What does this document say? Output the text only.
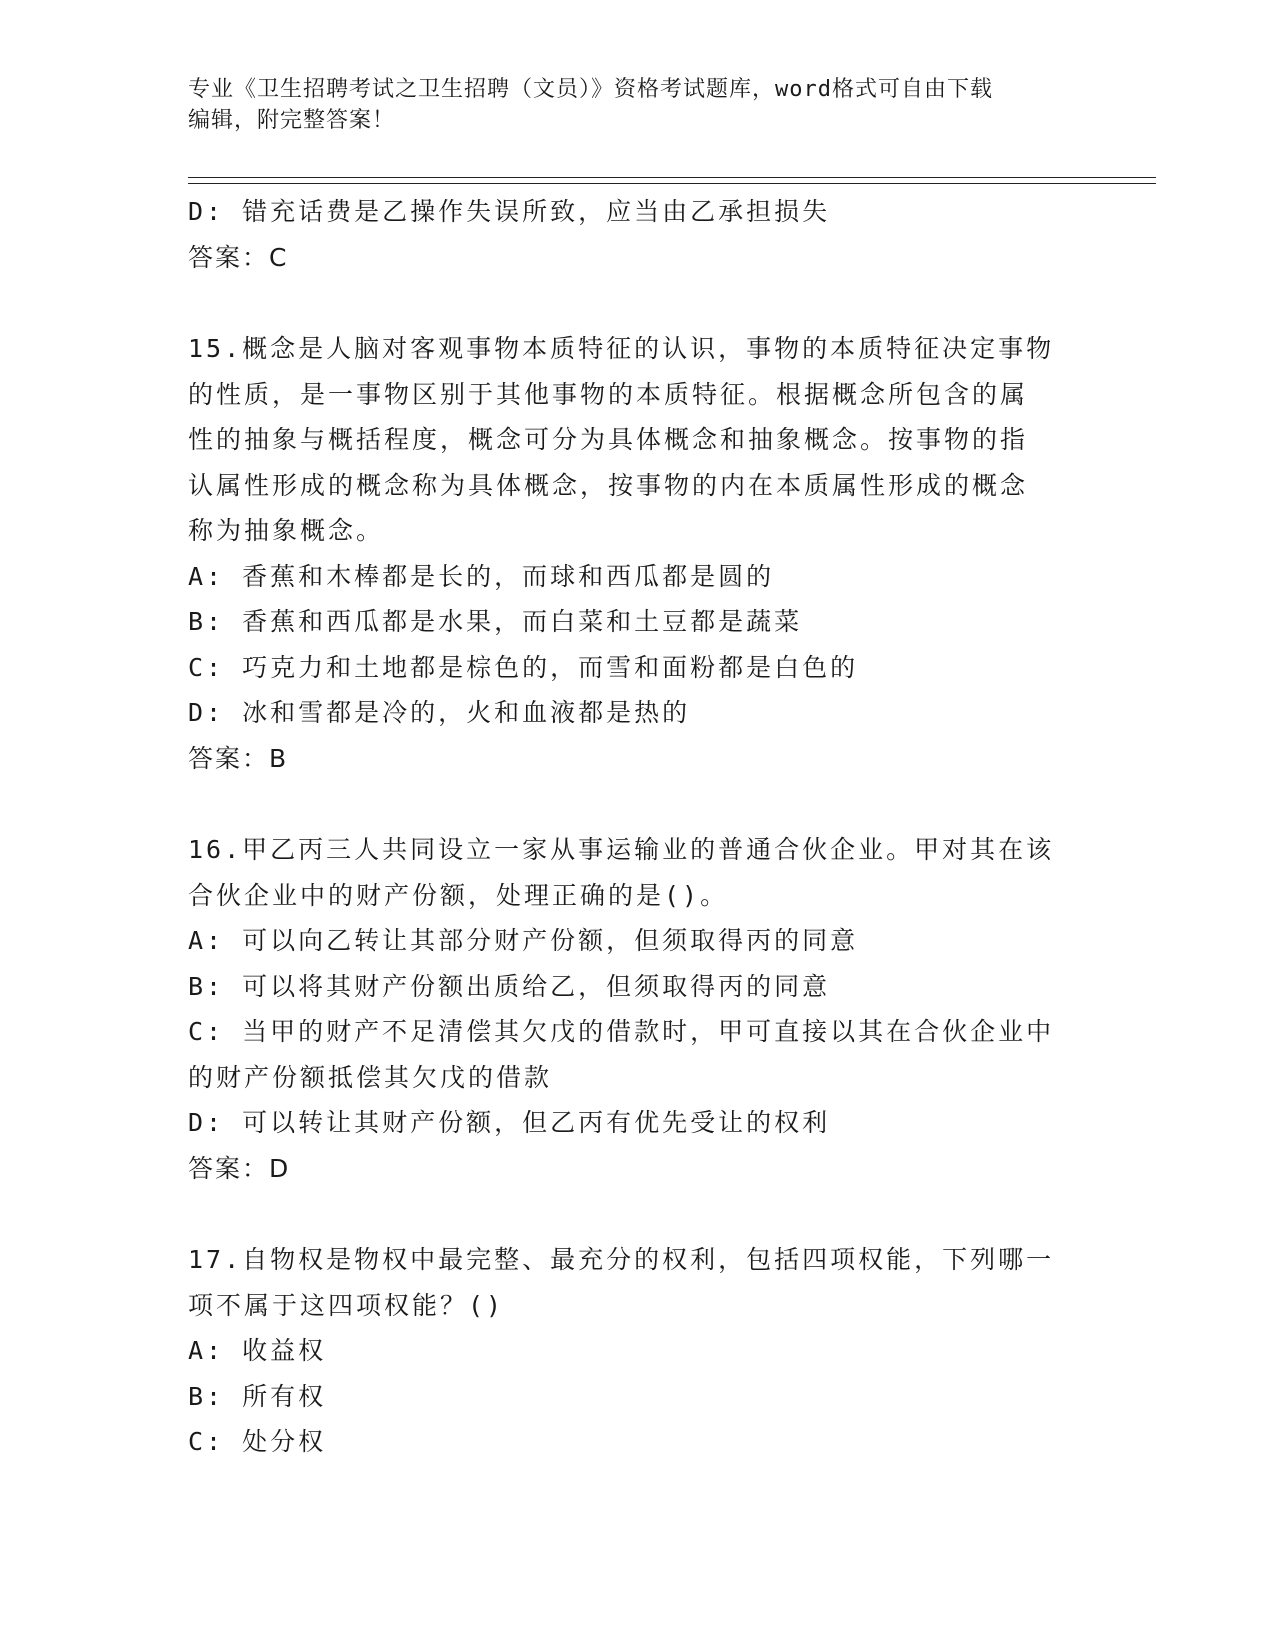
专业《卫生招聘考试之卫生招聘（文员）》资格考试题库，word格式可自由下载

编辑，附完整答案！

D: 错充话费是乙操作失误所致，应当由乙承担损失

答案：C

15.概念是人脑对客观事物本质特征的认识，事物的本质特征决定事物

的性质，是一事物区别于其他事物的本质特征。根据概念所包含的属

性的抽象与概括程度，概念可分为具体概念和抽象概念。按事物的指

认属性形成的概念称为具体概念，按事物的内在本质属性形成的概念

称为抽象概念。

A: 香蕉和木棒都是长的，而球和西瓜都是圆的

B: 香蕉和西瓜都是水果，而白菜和土豆都是蔬菜

C: 巧克力和土地都是棕色的，而雪和面粉都是白色的

D: 冰和雪都是冷的，火和血液都是热的

答案：B

16.甲乙丙三人共同设立一家从事运输业的普通合伙企业。甲对其在该

合伙企业中的财产份额，处理正确的是()。

A: 可以向乙转让其部分财产份额，但须取得丙的同意

B: 可以将其财产份额出质给乙，但须取得丙的同意

C: 当甲的财产不足清偿其欠戊的借款时，甲可直接以其在合伙企业中

的财产份额抵偿其欠戊的借款

D: 可以转让其财产份额，但乙丙有优先受让的权利

答案：D

17.自物权是物权中最完整、最充分的权利，包括四项权能，下列哪一

项不属于这四项权能？()

A: 收益权

B: 所有权

C: 处分权
